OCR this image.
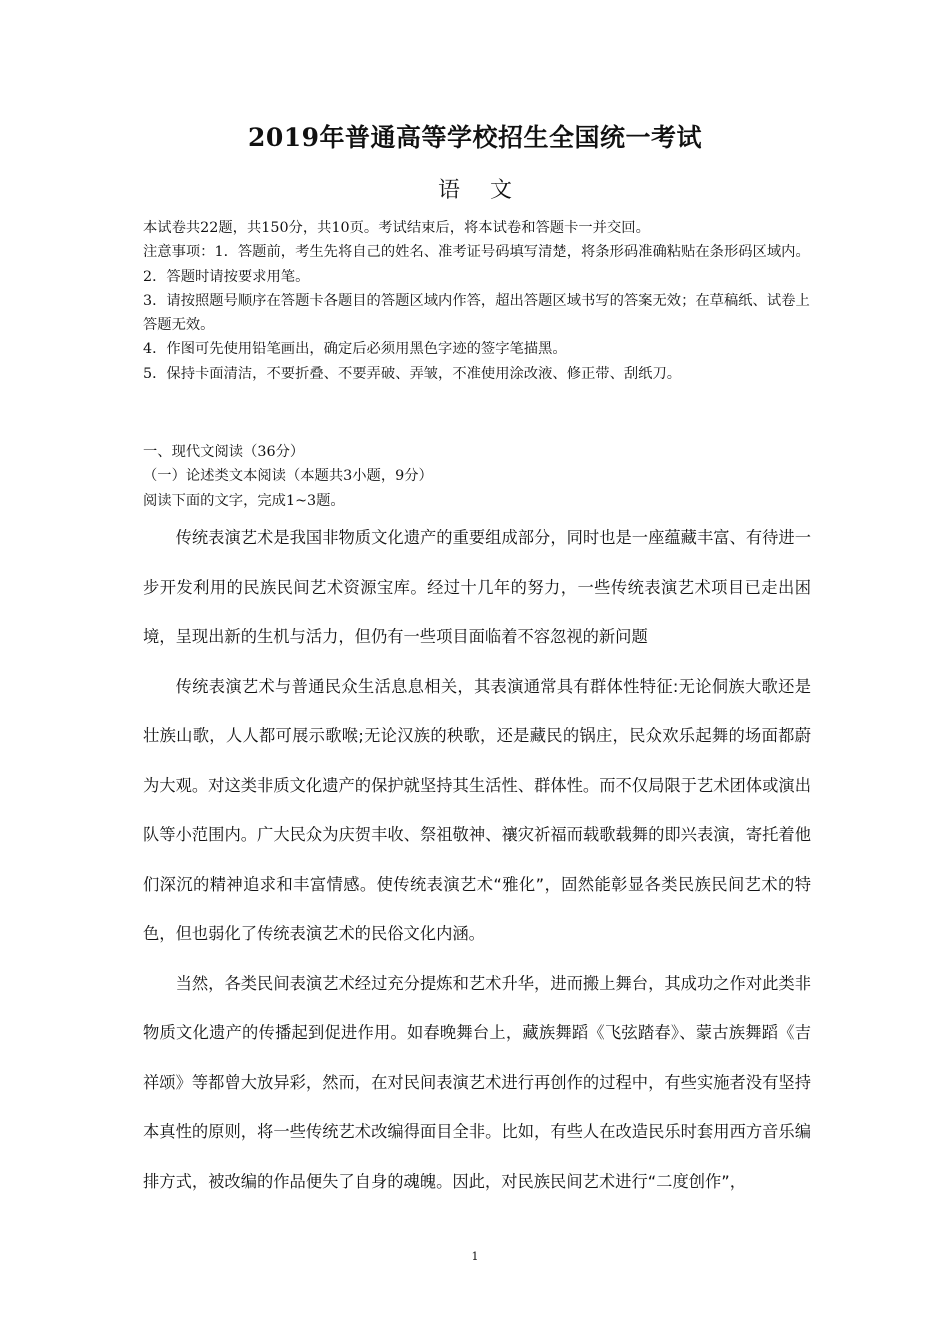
2019年普通高等学校招生全国统一考试
语文

本试卷共22题，共150分，共10页。考试结束后，将本试卷和答题卡一并交回。

注意事项：1．答题前，考生先将自己的姓名、准考证号码填写清楚，将条形码准确粘贴在条形码区域内。

2．答题时请按要求用笔。

3．请按照题号顺序在答题卡各题目的答题区域内作答，超出答题区域书写的答案无效；在草稿纸、试卷上答题无效。

4．作图可先使用铅笔画出，确定后必须用黑色字迹的签字笔描黑。

5．保持卡面清洁，不要折叠、不要弄破、弄皱，不准使用涂改液、修正带、刮纸刀。

一、现代文阅读（36分）

（一）论述类文本阅读（本题共3小题，9分）

阅读下面的文字，完成1~3题。

传统表演艺术是我国非物质文化遗产的重要组成部分，同时也是一座蕴藏丰富、有待进一步开发利用的民族民间艺术资源宝库。经过十几年的努力，一些传统表演艺术项目已走出困境，呈现出新的生机与活力，但仍有一些项目面临着不容忽视的新问题

传统表演艺术与普通民众生活息息相关，其表演通常具有群体性特征:无论侗族大歌还是壮族山歌，人人都可展示歌喉;无论汉族的秧歌，还是藏民的锅庄，民众欢乐起舞的场面都蔚为大观。对这类非质文化遗产的保护就坚持其生活性、群体性。而不仅局限于艺术团体或演出队等小范围内。广大民众为庆贺丰收、祭祖敬神、禳灾祈福而载歌载舞的即兴表演，寄托着他们深沉的精神追求和丰富情感。使传统表演艺术“雅化”，固然能彰显各类民族民间艺术的特色，但也弱化了传统表演艺术的民俗文化内涵。

当然，各类民间表演艺术经过充分提炼和艺术升华，进而搬上舞台，其成功之作对此类非物质文化遗产的传播起到促进作用。如春晚舞台上，藏族舞蹈《飞弦踏春》、蒙古族舞蹈《吉祥颂》等都曾大放异彩，然而，在对民间表演艺术进行再创作的过程中，有些实施者没有坚持本真性的原则，将一些传统艺术改编得面目全非。比如，有些人在改造民乐时套用西方音乐编排方式，被改编的作品便失了自身的魂魄。因此，对民族民间艺术进行“二度创作”，

1
